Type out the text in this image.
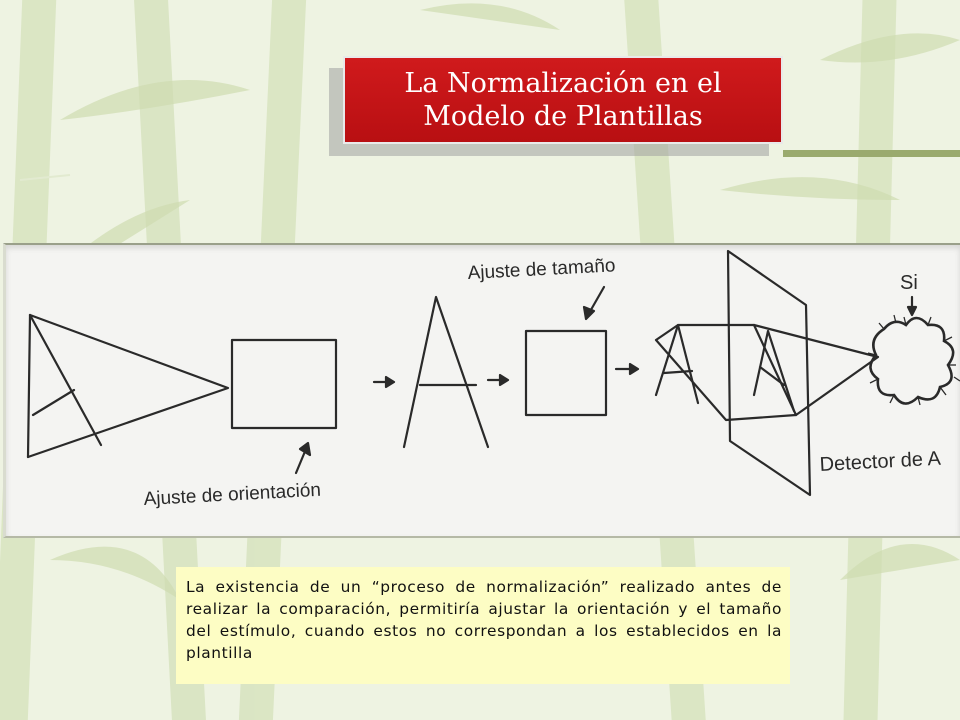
La Normalización en el
Modelo de Plantillas
Ajuste de tamaño	Si
Ajuste de orientación
Detector de A

La existencia de un “proceso de normalización” realizado antes de realizar la comparación, permitiría ajustar la orientación y el tamaño del estímulo, cuando estos no correspondan a los establecidos en la plantilla
